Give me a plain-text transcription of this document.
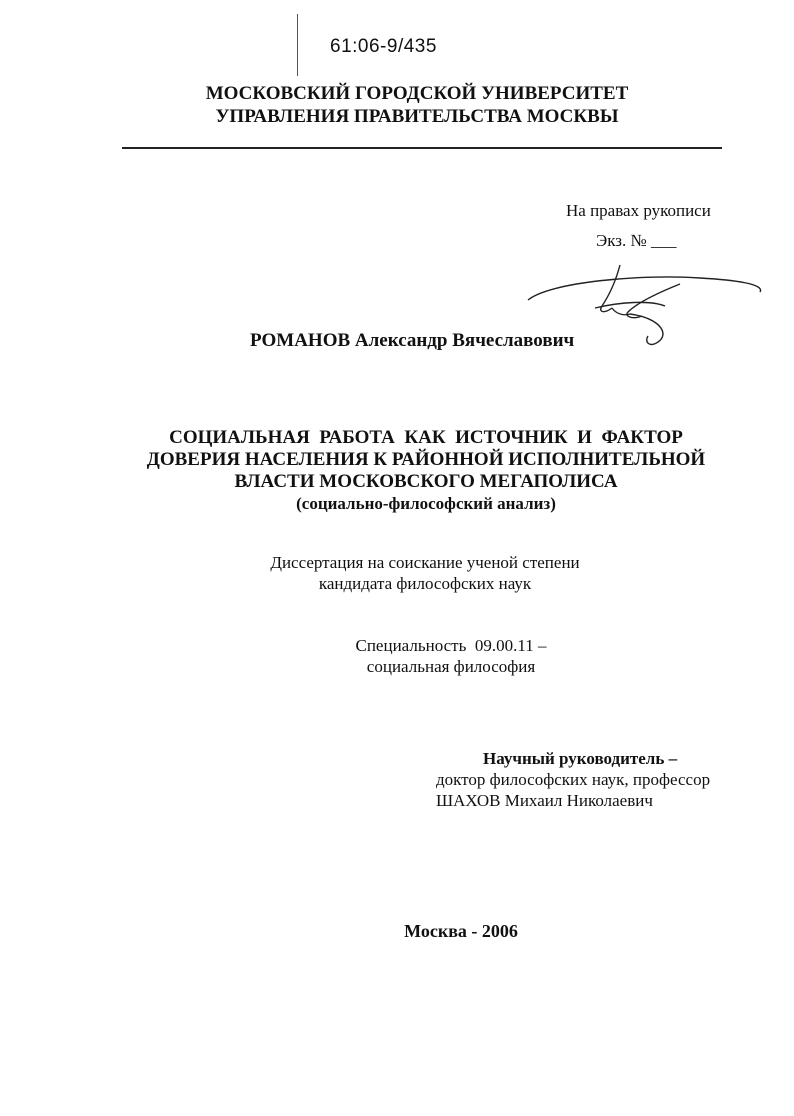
61:06-9/435
МОСКОВСКИЙ ГОРОДСКОЙ УНИВЕРСИТЕТ
УПРАВЛЕНИЯ ПРАВИТЕЛЬСТВА МОСКВЫ
На правах рукописи
Экз. № ___
РОМАНОВ Александр Вячеславович
СОЦИАЛЬНАЯ  РАБОТА  КАК  ИСТОЧНИК  И  ФАКТОР
ДОВЕРИЯ НАСЕЛЕНИЯ К РАЙОННОЙ ИСПОЛНИТЕЛЬНОЙ
ВЛАСТИ МОСКОВСКОГО МЕГАПОЛИСА
(социально-философский анализ)
Диссертация на соискание ученой степени
кандидата философских наук
Специальность  09.00.11 –
социальная философия
Научный руководитель –
доктор философских наук, профессор
ШАХОВ Михаил Николаевич
Москва - 2006
